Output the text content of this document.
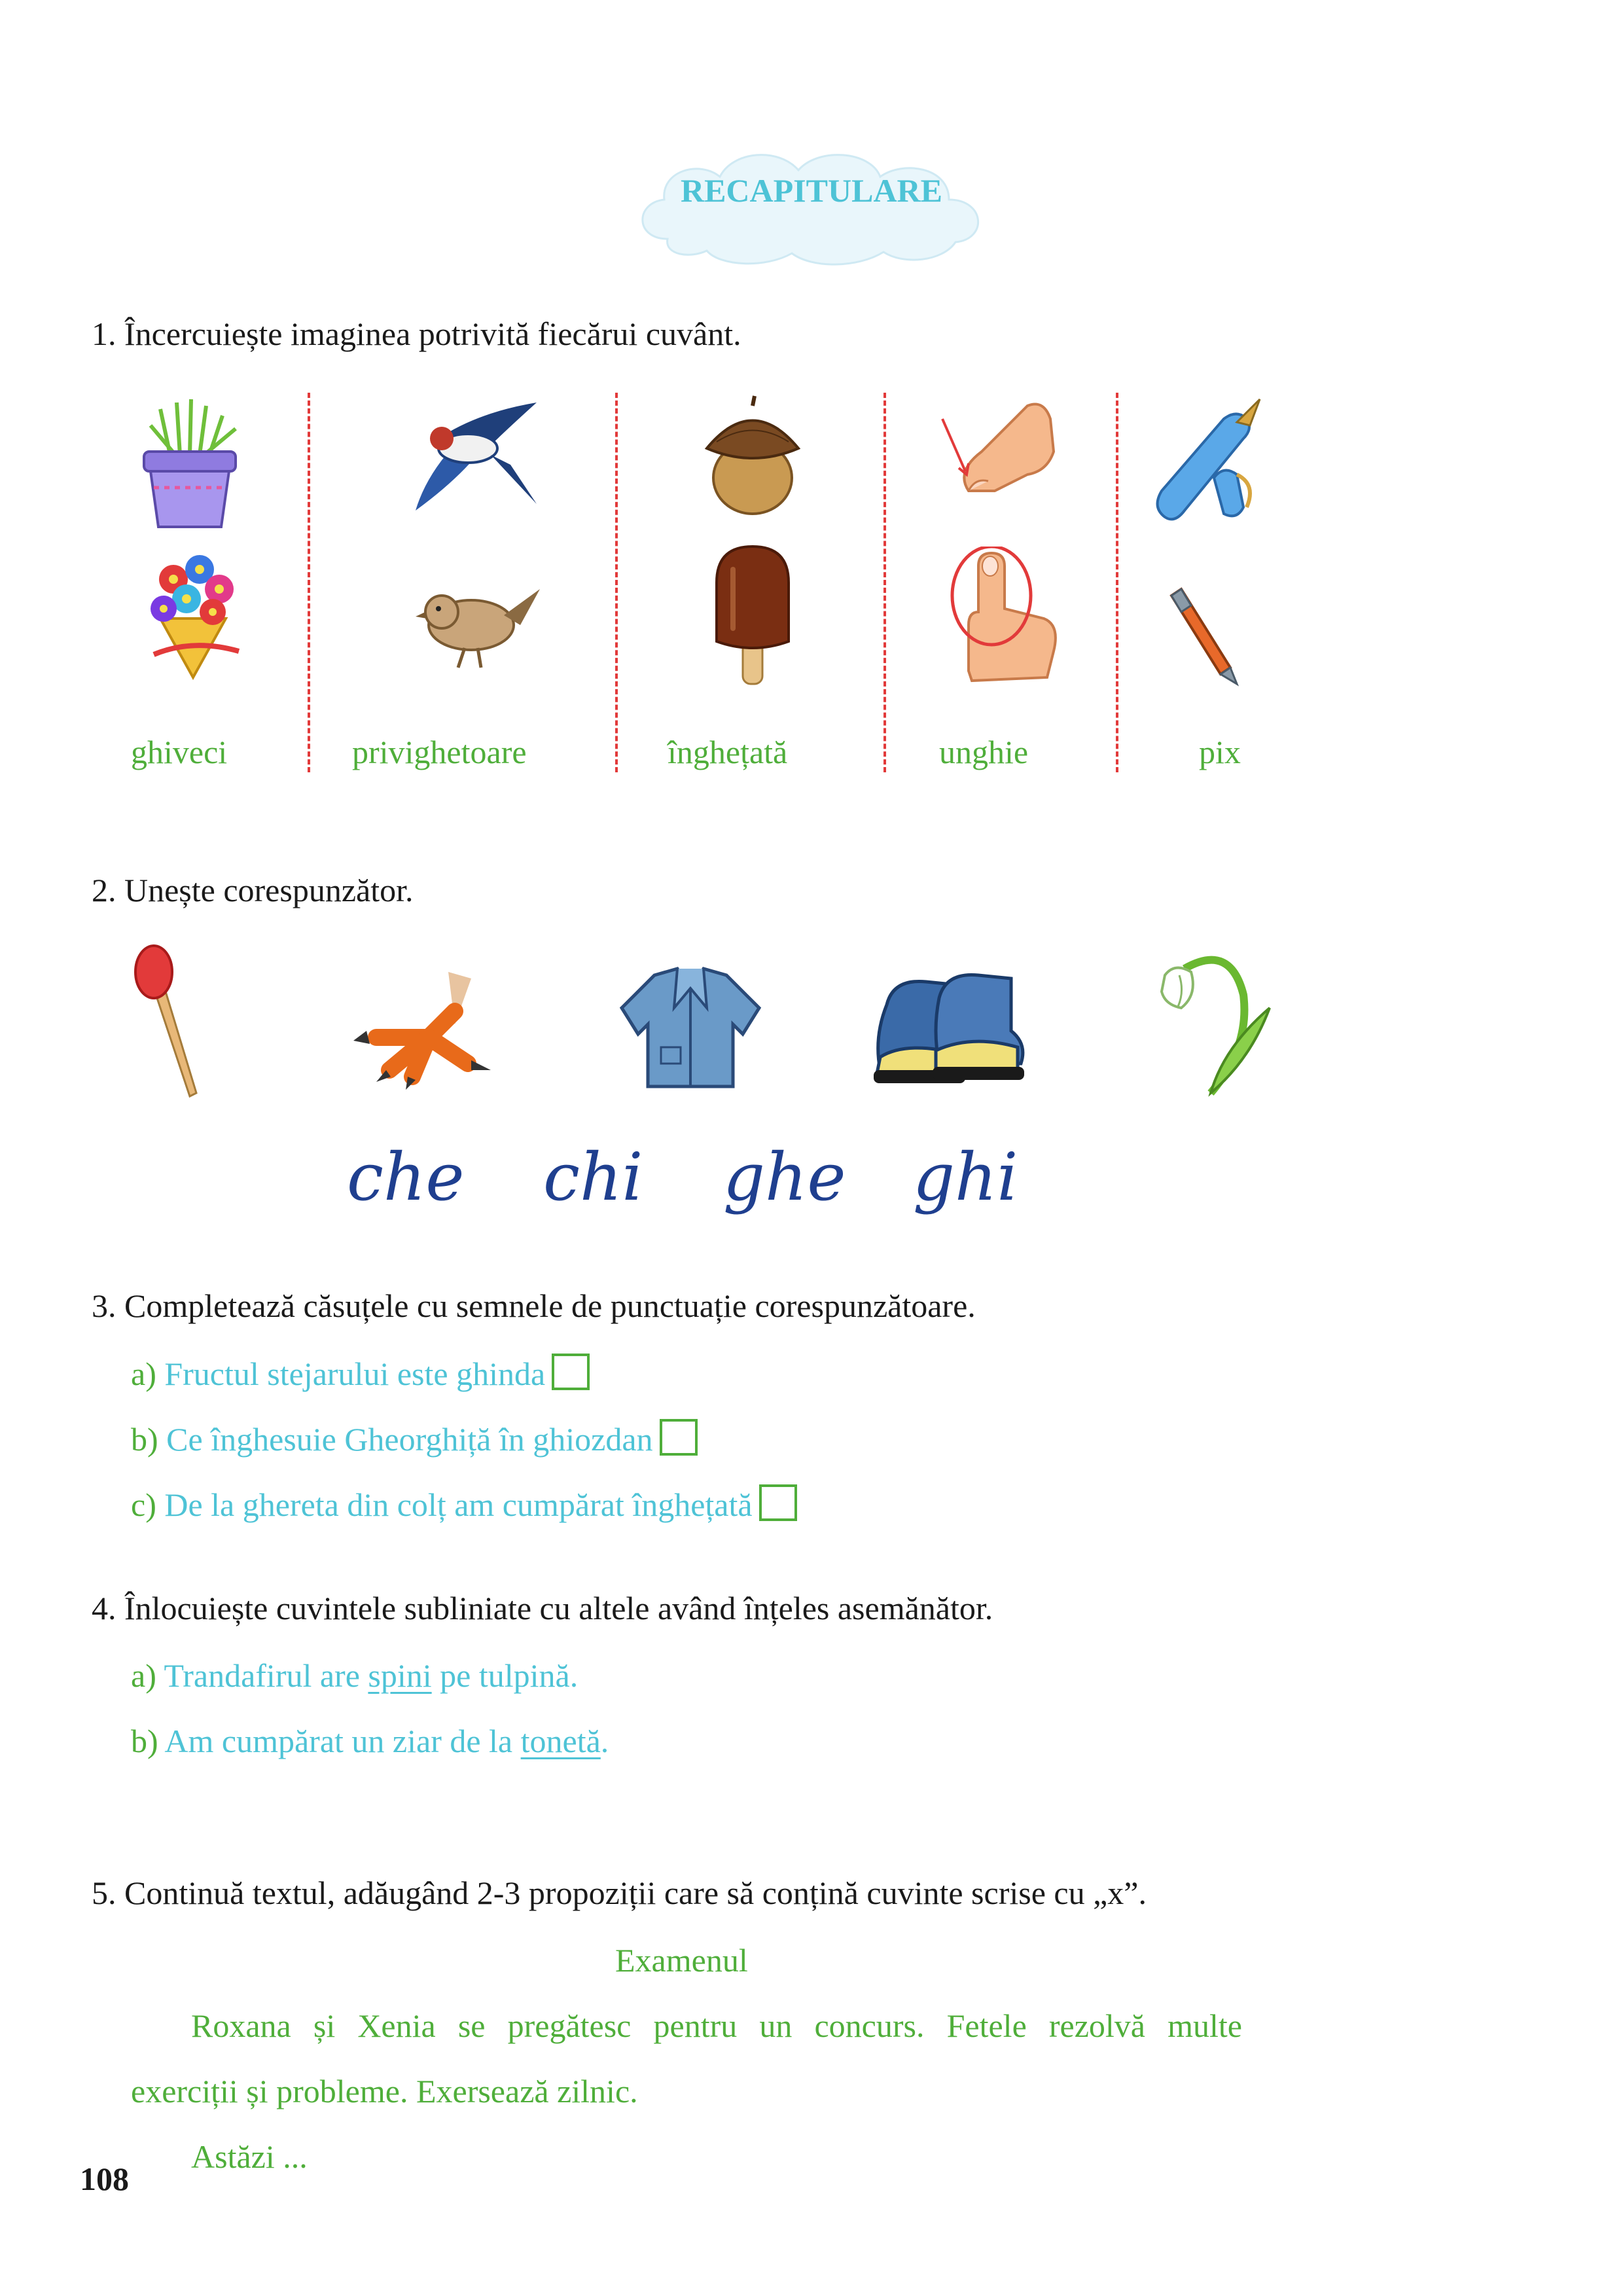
RECAPITULARE
1. Încercuiește imaginea potrivită fiecărui cuvânt.
ghiveci	privighetoare	înghețată	unghie	pix
2. Unește corespunzător.
che chi ghe ghi
3. Completează căsuțele cu semnele de punctuație corespunzătoare.
a) Fructul stejarului este ghinda
b) Ce înghesuie Gheorghiță în ghiozdan
c) De la ghereta din colț am cumpărat înghețată
4. Înlocuiește cuvintele subliniate cu altele având înțeles asemănător.
a) Trandafirul are spini pe tulpină.
b) Am cumpărat un ziar de la tonetă.
5. Continuă textul, adăugând 2-3 propoziții care să conțină cuvinte scrise cu „x”.
Examenul
Roxana și Xenia se pregătesc pentru un concurs. Fetele rezolvă multe
exerciții și probleme. Exersează zilnic.
Astăzi ...
108
